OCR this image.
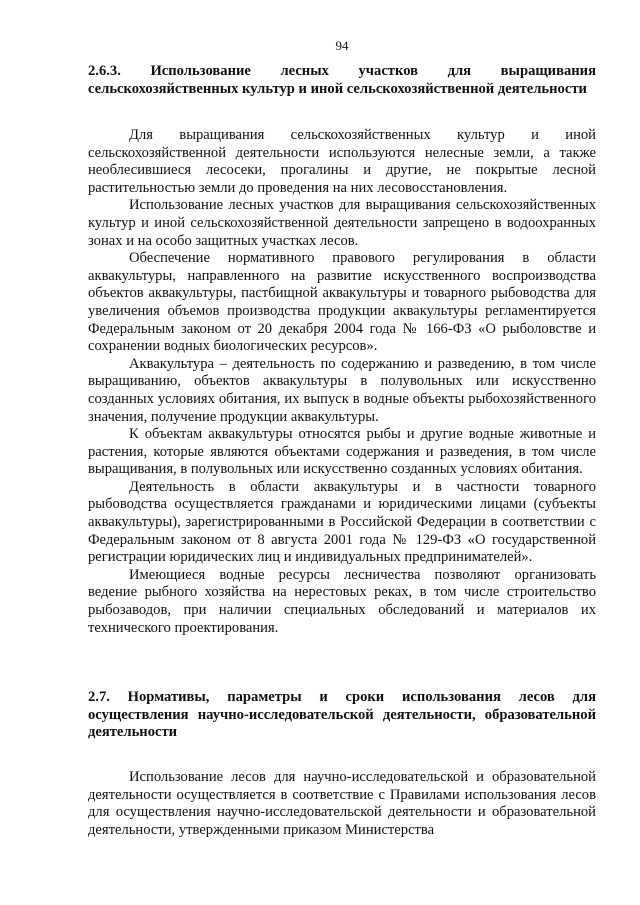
94
2.6.3. Использование лесных участков для выращивания сельскохозяйственных культур и иной сельскохозяйственной деятельности

Для выращивания сельскохозяйственных культур и иной сельскохозяйственной деятельности используются нелесные земли, а также необлесившиеся лесосеки, прогалины и другие, не покрытые лесной растительностью земли до проведения на них лесовосстановления.

Использование лесных участков для выращивания сельскохозяйственных культур и иной сельскохозяйственной деятельности запрещено в водоохранных зонах и на особо защитных участках лесов.

Обеспечение нормативного правового регулирования в области аквакультуры, направленного на развитие искусственного воспроизводства объектов аквакультуры, пастбищной аквакультуры и товарного рыбоводства для увеличения объемов производства продукции аквакультуры регламентируется Федеральным законом от 20 декабря 2004 года № 166-ФЗ «О рыболовстве и сохранении водных биологических ресурсов».

Аквакультура – деятельность по содержанию и разведению, в том числе выращиванию, объектов аквакультуры в полувольных или искусственно созданных условиях обитания, их выпуск в водные объекты рыбохозяйственного значения, получение продукции аквакультуры.

К объектам аквакультуры относятся рыбы и другие водные животные и растения, которые являются объектами содержания и разведения, в том числе выращивания, в полувольных или искусственно созданных условиях обитания.

Деятельность в области аквакультуры и в частности товарного рыбоводства осуществляется гражданами и юридическими лицами (субъекты аквакультуры), зарегистрированными в Российской Федерации в соответствии с Федеральным законом от 8 августа 2001 года № 129-ФЗ «О государственной регистрации юридических лиц и индивидуальных предпринимателей».

Имеющиеся водные ресурсы лесничества позволяют организовать ведение рыбного хозяйства на нерестовых реках, в том числе строительство рыбозаводов, при наличии специальных обследований и материалов их технического проектирования.

2.7. Нормативы, параметры и сроки использования лесов для осуществления научно-исследовательской деятельности, образовательной деятельности

Использование лесов для научно-исследовательской и образовательной деятельности осуществляется в соответствие с Правилами использования лесов для осуществления научно-исследовательской деятельности и образовательной деятельности, утвержденными приказом Министерства
